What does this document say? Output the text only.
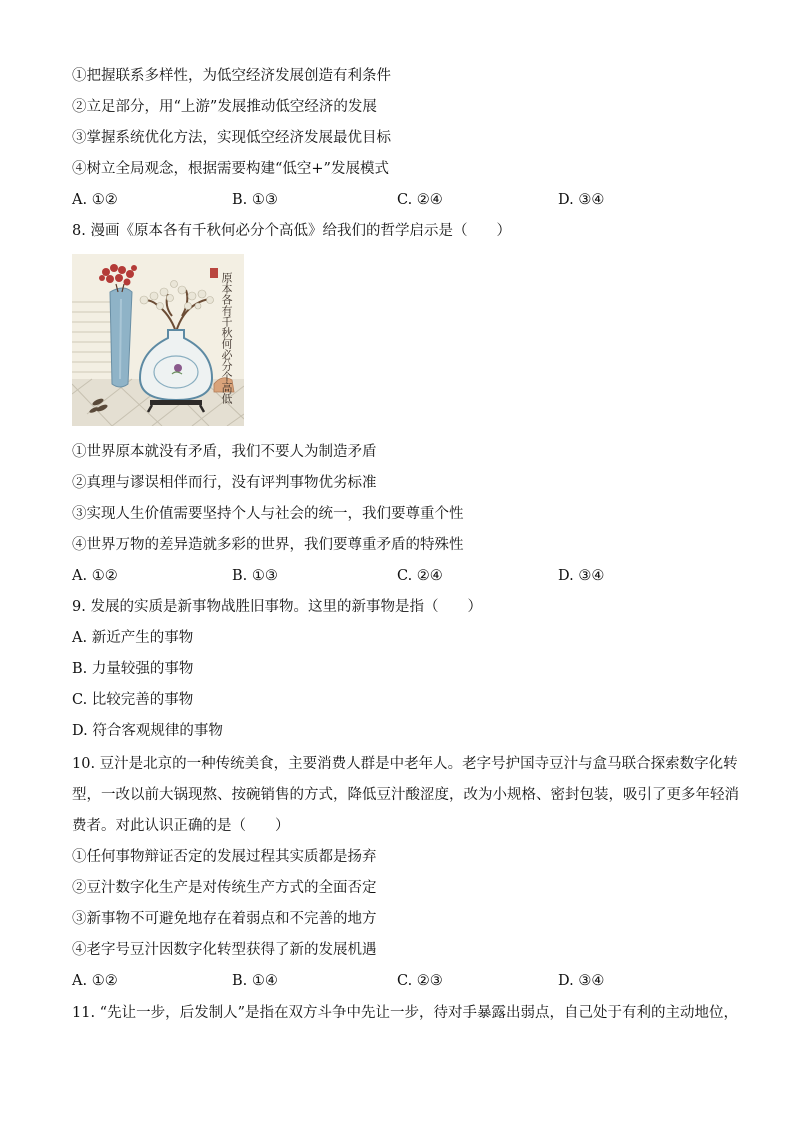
①把握联系多样性，为低空经济发展创造有利条件
②立足部分，用“上游”发展推动低空经济的发展
③掌握系统优化方法，实现低空经济发展最优目标
④树立全局观念，根据需要构建“低空+”发展模式
A. ①②	B. ①③	C. ②④	D. ③④
8. 漫画《原本各有千秋何必分个高低》给我们的哲学启示是（　　）
原本各有千秋何必分个高低
①世界原本就没有矛盾，我们不要人为制造矛盾
②真理与谬误相伴而行，没有评判事物优劣标准
③实现人生价值需要坚持个人与社会的统一，我们要尊重个性
④世界万物的差异造就多彩的世界，我们要尊重矛盾的特殊性
A. ①②	B. ①③	C. ②④	D. ③④
9. 发展的实质是新事物战胜旧事物。这里的新事物是指（　　）
A. 新近产生的事物
B. 力量较强的事物
C. 比较完善的事物
D. 符合客观规律的事物
10. 豆汁是北京的一种传统美食，主要消费人群是中老年人。老字号护国寺豆汁与盒马联合探索数字化转
型，一改以前大锅现熬、按碗销售的方式，降低豆汁酸涩度，改为小规格、密封包装，吸引了更多年轻消
费者。对此认识正确的是（　　）
①任何事物辩证否定的发展过程其实质都是扬弃
②豆汁数字化生产是对传统生产方式的全面否定
③新事物不可避免地存在着弱点和不完善的地方
④老字号豆汁因数字化转型获得了新的发展机遇
A. ①②	B. ①④	C. ②③	D. ③④
11. “先让一步，后发制人”是指在双方斗争中先让一步，待对手暴露出弱点，自己处于有利的主动地位，
